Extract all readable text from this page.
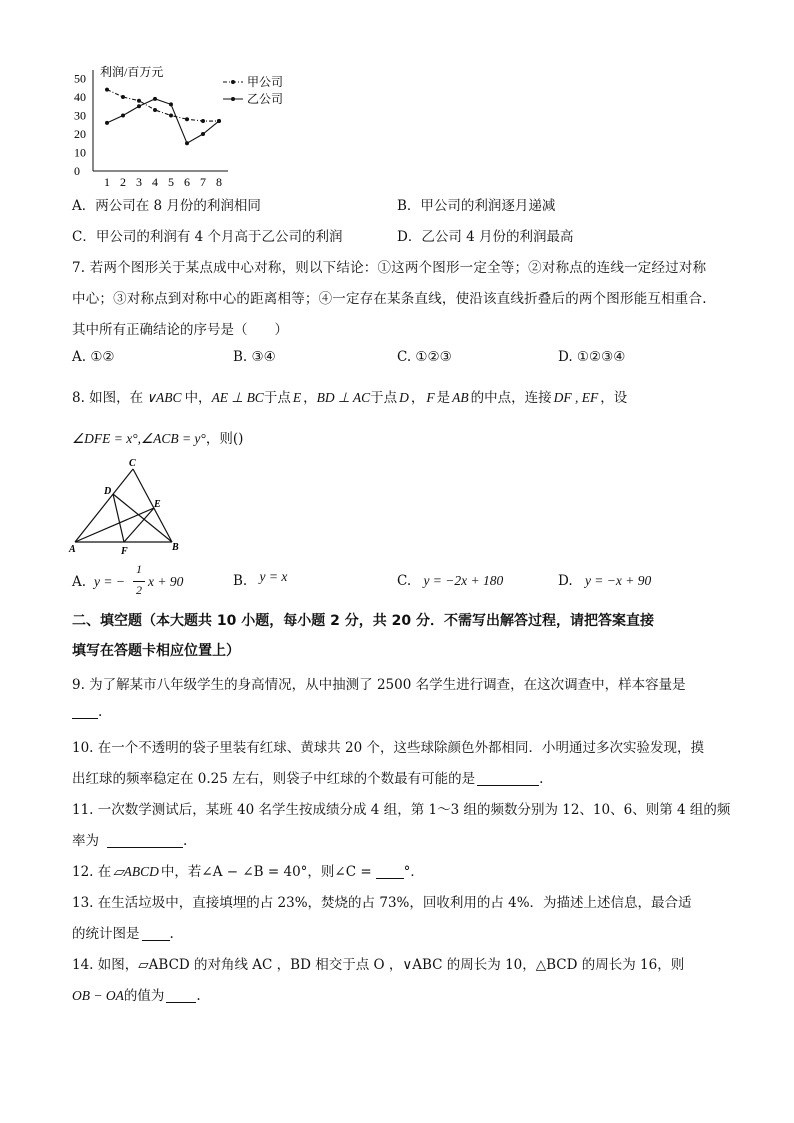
利润/百万元
0
10
20
30
40
50
1 2 3 4 5 6 7 8
甲公司
乙公司
A．两公司在 8 月份的利润相同	B．甲公司的利润逐月递减
C．甲公司的利润有 4 个月高于乙公司的利润	D．乙公司 4 月份的利润最高
7. 若两个图形关于某点成中心对称，则以下结论：①这两个图形一定全等；②对称点的连线一定经过对称
中心；③对称点到对称中心的距离相等；④一定存在某条直线，使沿该直线折叠后的两个图形能互相重合.
其中所有正确结论的序号是（　　）
A. ①②	B. ③④	C. ①②③	D. ①②③④
8. 如图，在 ∨ABC 中，AE ⊥ BC于点 E ，BD ⊥ AC于点 D ， F 是 AB 的中点，连接 DF , EF ，设
∠DFE = x°,∠ACB = y°，则()
C
D
E
A	F	B
A. y = −
1
2
x + 90	B. y = x	C. y = −2x + 180	D. y = −x + 90
二、填空题（本大题共 10 小题，每小题 2 分，共 20 分．不需写出解答过程，请把答案直接
填写在答题卡相应位置上）
9. 为了解某市八年级学生的身高情况，从中抽测了 2500 名学生进行调查，在这次调查中，样本容量是
.
10. 在一个不透明的袋子里装有红球、黄球共 20 个，这些球除颜色外都相同．小明通过多次实验发现，摸
出红球的频率稳定在 0.25 左右，则袋子中红球的个数最有可能的是	.
11. 一次数学测试后，某班 40 名学生按成绩分成 4 组，第 1～3 组的频数分别为 12、10、6、则第 4 组的频
率为	.
12. 在 ▱ABCD 中，若∠A − ∠B = 40°，则∠C = °．
13. 在生活垃圾中，直接填埋的占 23%，焚烧的占 73%，回收利用的占 4%．为描述上述信息，最合适
的统计图是 .
14. 如图，▱ABCD 的对角线 AC ，BD 相交于点 O ，∨ABC 的周长为 10，△BCD 的周长为 16，则
OB − OA的值为 .
